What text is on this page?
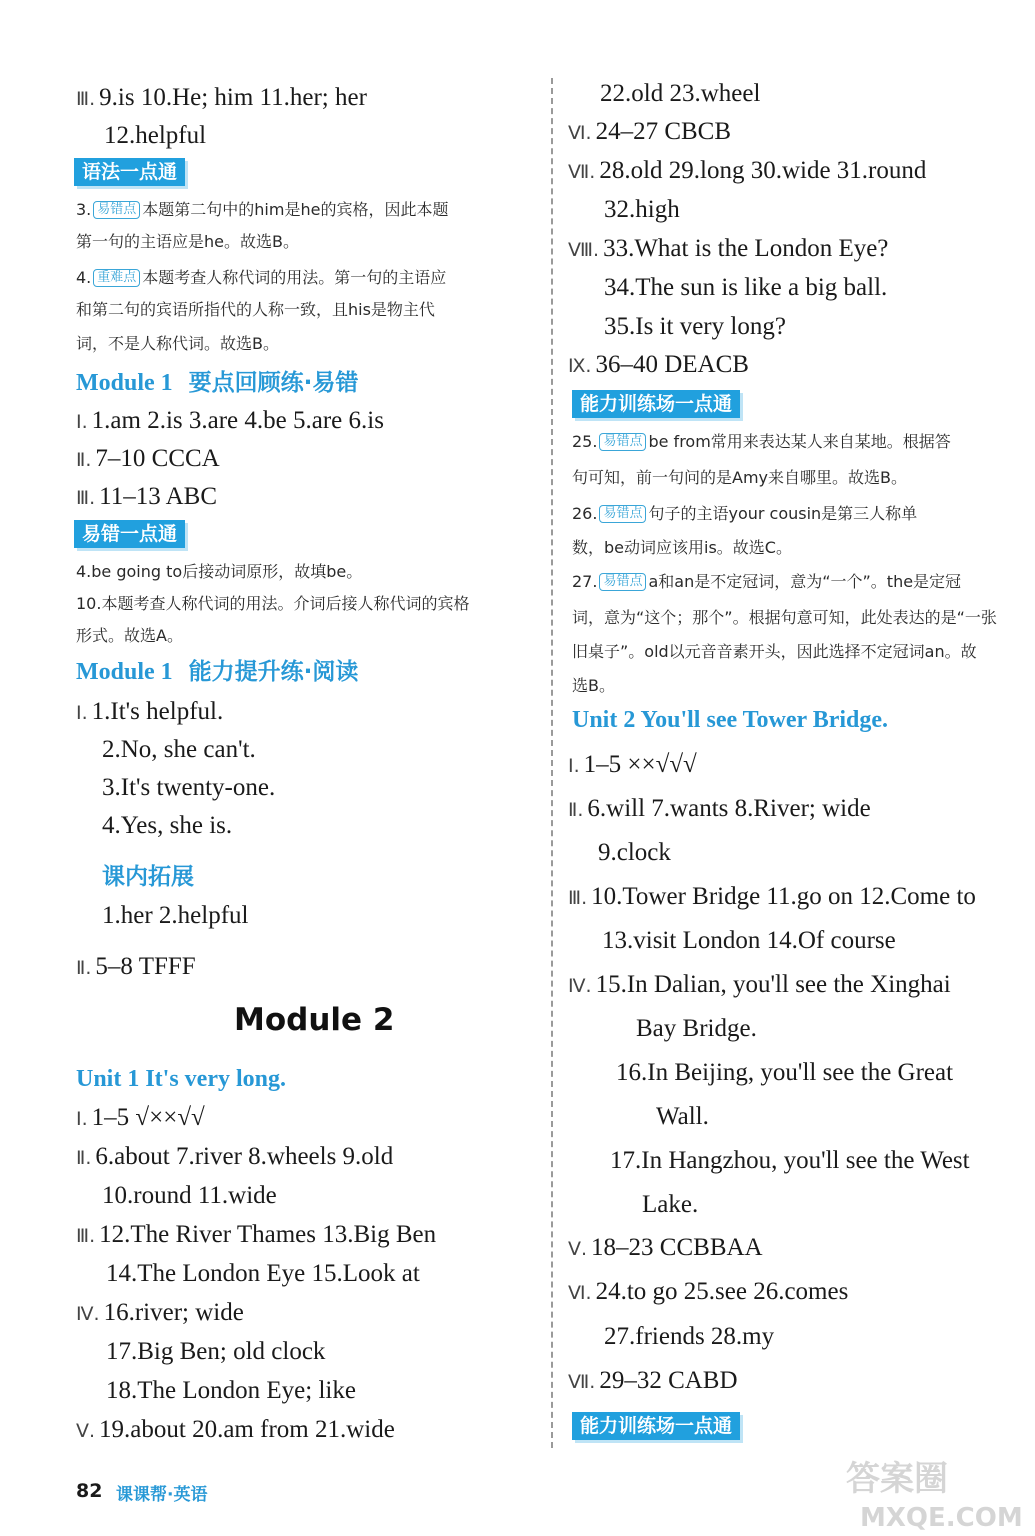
Ⅲ. 9.is 10.He; him 11.her; her
12.helpful
语法一点通
3. 易错点 本题第二句中的him是he的宾格，因此本题
第一句的主语应是he。故选B。
4. 重难点 本题考查人称代词的用法。第一句的主语应
和第二句的宾语所指代的人称一致，且his是物主代
词，不是人称代词。故选B。
Module 1 要点回顾练·易错
Ⅰ. 1.am 2.is 3.are 4.be 5.are 6.is
Ⅱ. 7–10 CCCA
Ⅲ. 11–13 ABC
易错一点通
4.be going to后接动词原形，故填be。
10.本题考查人称代词的用法。介词后接人称代词的宾格
形式。故选A。
Module 1 能力提升练·阅读
Ⅰ. 1.It's helpful.
2.No, she can't.
3.It's twenty-one.
4.Yes, she is.
课内拓展
1.her 2.helpful
Ⅱ. 5–8 TFFF
Module 2
Unit 1 It's very long.
Ⅰ. 1–5 √××√√
Ⅱ. 6.about 7.river 8.wheels 9.old
10.round 11.wide
Ⅲ. 12.The River Thames 13.Big Ben
14.The London Eye 15.Look at
Ⅳ. 16.river; wide
17.Big Ben; old clock
18.The London Eye; like
Ⅴ. 19.about 20.am from 21.wide
22.old 23.wheel
Ⅵ. 24–27 CBCB
Ⅶ. 28.old 29.long 30.wide 31.round
32.high
Ⅷ. 33.What is the London Eye?
34.The sun is like a big ball.
35.Is it very long?
Ⅸ. 36–40 DEACB
能力训练场一点通
25. 易错点 be from常用来表达某人来自某地。根据答
句可知，前一句问的是Amy来自哪里。故选B。
26. 易错点 句子的主语your cousin是第三人称单
数，be动词应该用is。故选C。
27. 易错点 a和an是不定冠词，意为“一个”。the是定冠
词，意为“这个；那个”。根据句意可知，此处表达的是“一张
旧桌子”。old以元音音素开头，因此选择不定冠词an。故
选B。
Unit 2 You'll see Tower Bridge.
Ⅰ. 1–5 ××√√√
Ⅱ. 6.will 7.wants 8.River; wide
9.clock
Ⅲ. 10.Tower Bridge 11.go on 12.Come to
13.visit London 14.Of course
Ⅳ. 15.In Dalian, you'll see the Xinghai
Bay Bridge.
16.In Beijing, you'll see the Great
Wall.
17.In Hangzhou, you'll see the West
Lake.
Ⅴ. 18–23 CCBBAA
Ⅵ. 24.to go 25.see 26.comes
27.friends 28.my
Ⅶ. 29–32 CABD
能力训练场一点通
82 课课帮·英语	答案圈
MXQE.COM
